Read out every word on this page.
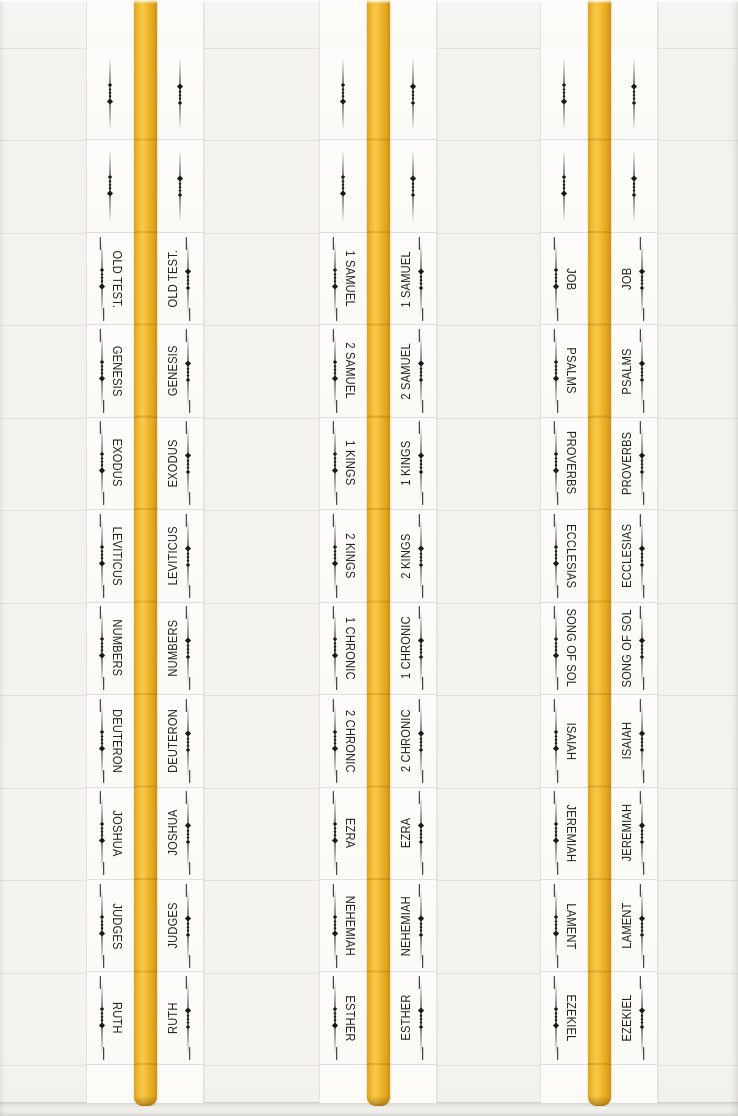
OLD TEST.	OLD TEST.
GENESIS	GENESIS
EXODUS	EXODUS
LEVITICUS	LEVITICUS
NUMBERS	NUMBERS
DEUTERON	DEUTERON
JOSHUA	JOSHUA
JUDGES	JUDGES
RUTH	RUTH
1 SAMUEL	1 SAMUEL
2 SAMUEL	2 SAMUEL
1 KINGS	1 KINGS
2 KINGS	2 KINGS
1 CHRONIC	1 CHRONIC
2 CHRONIC	2 CHRONIC
EZRA	EZRA
NEHEMIAH	NEHEMIAH
ESTHER	ESTHER
JOB	JOB
PSALMS	PSALMS
PROVERBS	PROVERBS
ECCLESIAS	ECCLESIAS
SONG OF SOL	SONG OF SOL
ISAIAH	ISAIAH
JEREMIAH	JEREMIAH
LAMENT	LAMENT
EZEKIEL	EZEKIEL
